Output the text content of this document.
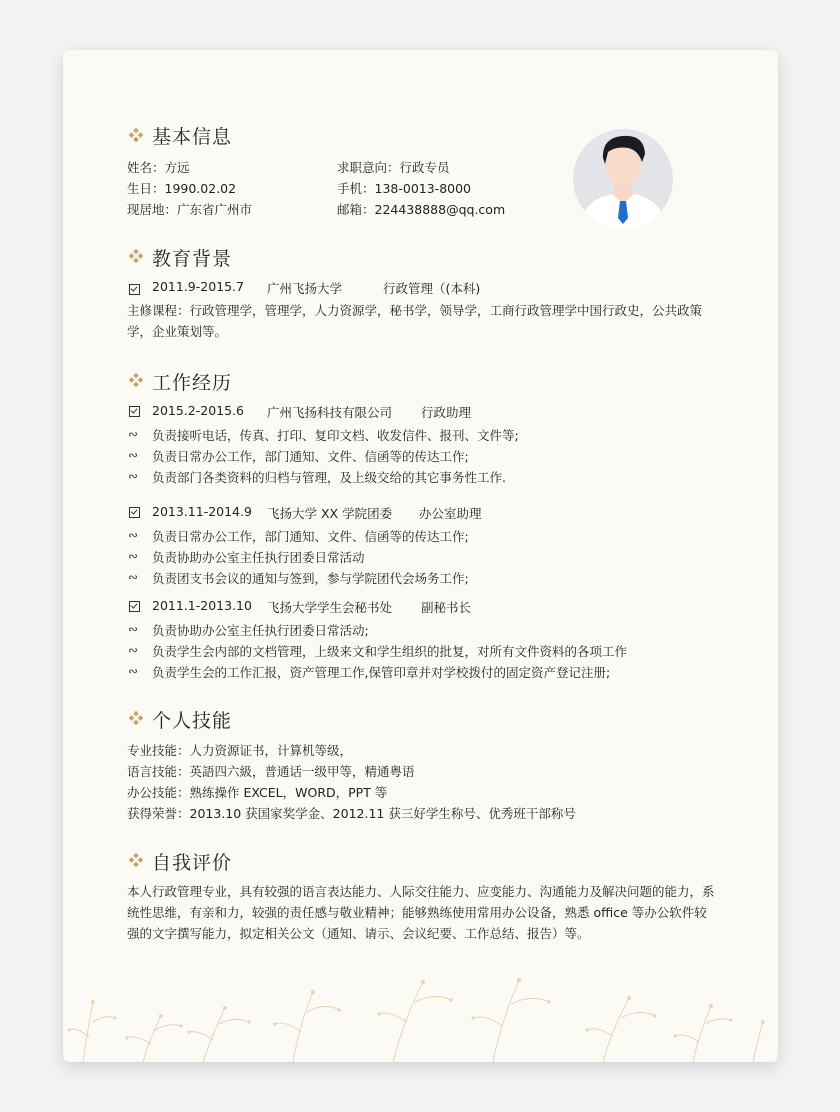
基本信息
姓名：方远
生日：1990.02.02
现居地：广东省广州市
求职意向：行政专员
手机：138-0013-8000
邮箱：224438888@qq.com
教育背景
2011.9-2015.7 广州飞扬大学	行政管理（(本科)
主修课程：行政管理学，管理学，人力资源学，秘书学，领导学，工商行政管理学中国行政史，公共政策学，企业策划等。
工作经历
2015.2-2015.6 广州飞扬科技有限公司 行政助理
∾ 负责接听电话，传真、打印、复印文档、收发信件、报刊、文件等;
∾ 负责日常办公工作，部门通知、文件、信函等的传达工作;
∾ 负责部门各类资料的归档与管理，及上级交给的其它事务性工作.
2013.11-2014.9 飞扬大学 XX 学院团委 办公室助理
∾ 负责日常办公工作，部门通知、文件、信函等的传达工作;
∾ 负责协助办公室主任执行团委日常活动
∾ 负责团支书会议的通知与签到，参与学院团代会场务工作;
2011.1-2013.10 飞扬大学学生会秘书处 副秘书长
∾ 负责协助办公室主任执行团委日常活动;
∾ 负责学生会内部的文档管理，上级来文和学生组织的批复，对所有文件资料的各项工作
∾ 负责学生会的工作汇报，资产管理工作,保管印章并对学校拨付的固定资产登记注册;
个人技能
专业技能：人力资源证书，计算机等级，
语言技能：英語四六級，普通话一级甲等，精通粤语
办公技能：熟练操作 EXCEL，WORD，PPT 等
获得荣誉：2013.10 获国家奖学金、2012.11 获三好学生称号、优秀班干部称号
自我评价
本人行政管理专业，具有较强的语言表达能力、人际交往能力、应变能力、沟通能力及解决问题的能力，系统性思维，有亲和力，较强的责任感与敬业精神；能够熟练使用常用办公设备，熟悉 office 等办公软件较强的文字撰写能力，拟定相关公文（通知、请示、会议纪要、工作总结、报告）等。
